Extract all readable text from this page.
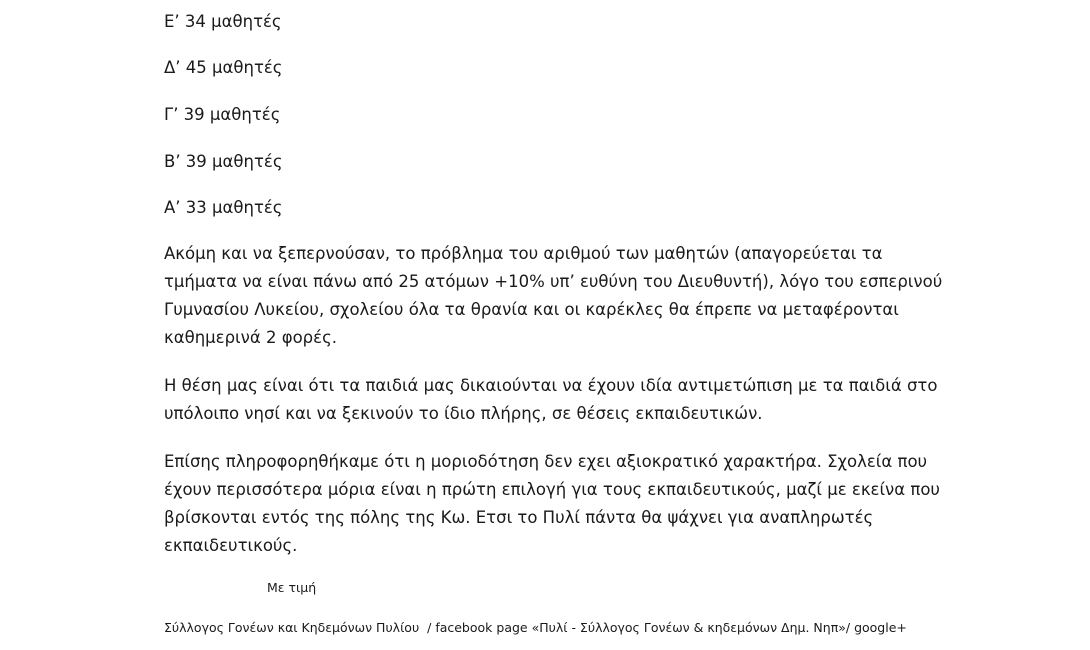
Ε’ 34 μαθητές
Δ’ 45 μαθητές
Γ’ 39 μαθητές
Β’ 39 μαθητές
Α’ 33 μαθητές

Ακόμη και να ξεπερνούσαν, το πρόβλημα του αριθμού των μαθητών (απαγορεύεται τα τμήματα να είναι πάνω από 25 ατόμων +10% υπ’ ευθύνη του Διευθυντή), λόγο του εσπερινού Γυμνασίου Λυκείου, σχολείου όλα τα θρανία και οι καρέκλες θα έπρεπε να μεταφέρονται καθημερινά 2 φορές.

Η θέση μας είναι ότι τα παιδιά μας δικαιούνται να έχουν ιδία αντιμετώπιση με τα παιδιά στο υπόλοιπο νησί και να ξεκινούν το ίδιο πλήρης, σε θέσεις εκπαιδευτικών.

Επίσης πληροφορηθήκαμε ότι η μοριοδότηση δεν εχει αξιοκρατικό χαρακτήρα. Σχολεία που έχουν περισσότερα μόρια είναι η πρώτη επιλογή για τους εκπαιδευτικούς, μαζί με εκείνα που βρίσκονται εντός της πόλης της Κω. Ετσι το Πυλί πάντα θα ψάχνει για αναπληρωτές εκπαιδευτικούς.

Με τιμή
Σύλλογος Γονέων και Κηδεμόνων Πυλίου  / facebook page «Πυλί - Σύλλογος Γονέων & κηδεμόνων Δημ. Νηπ»/ google+
